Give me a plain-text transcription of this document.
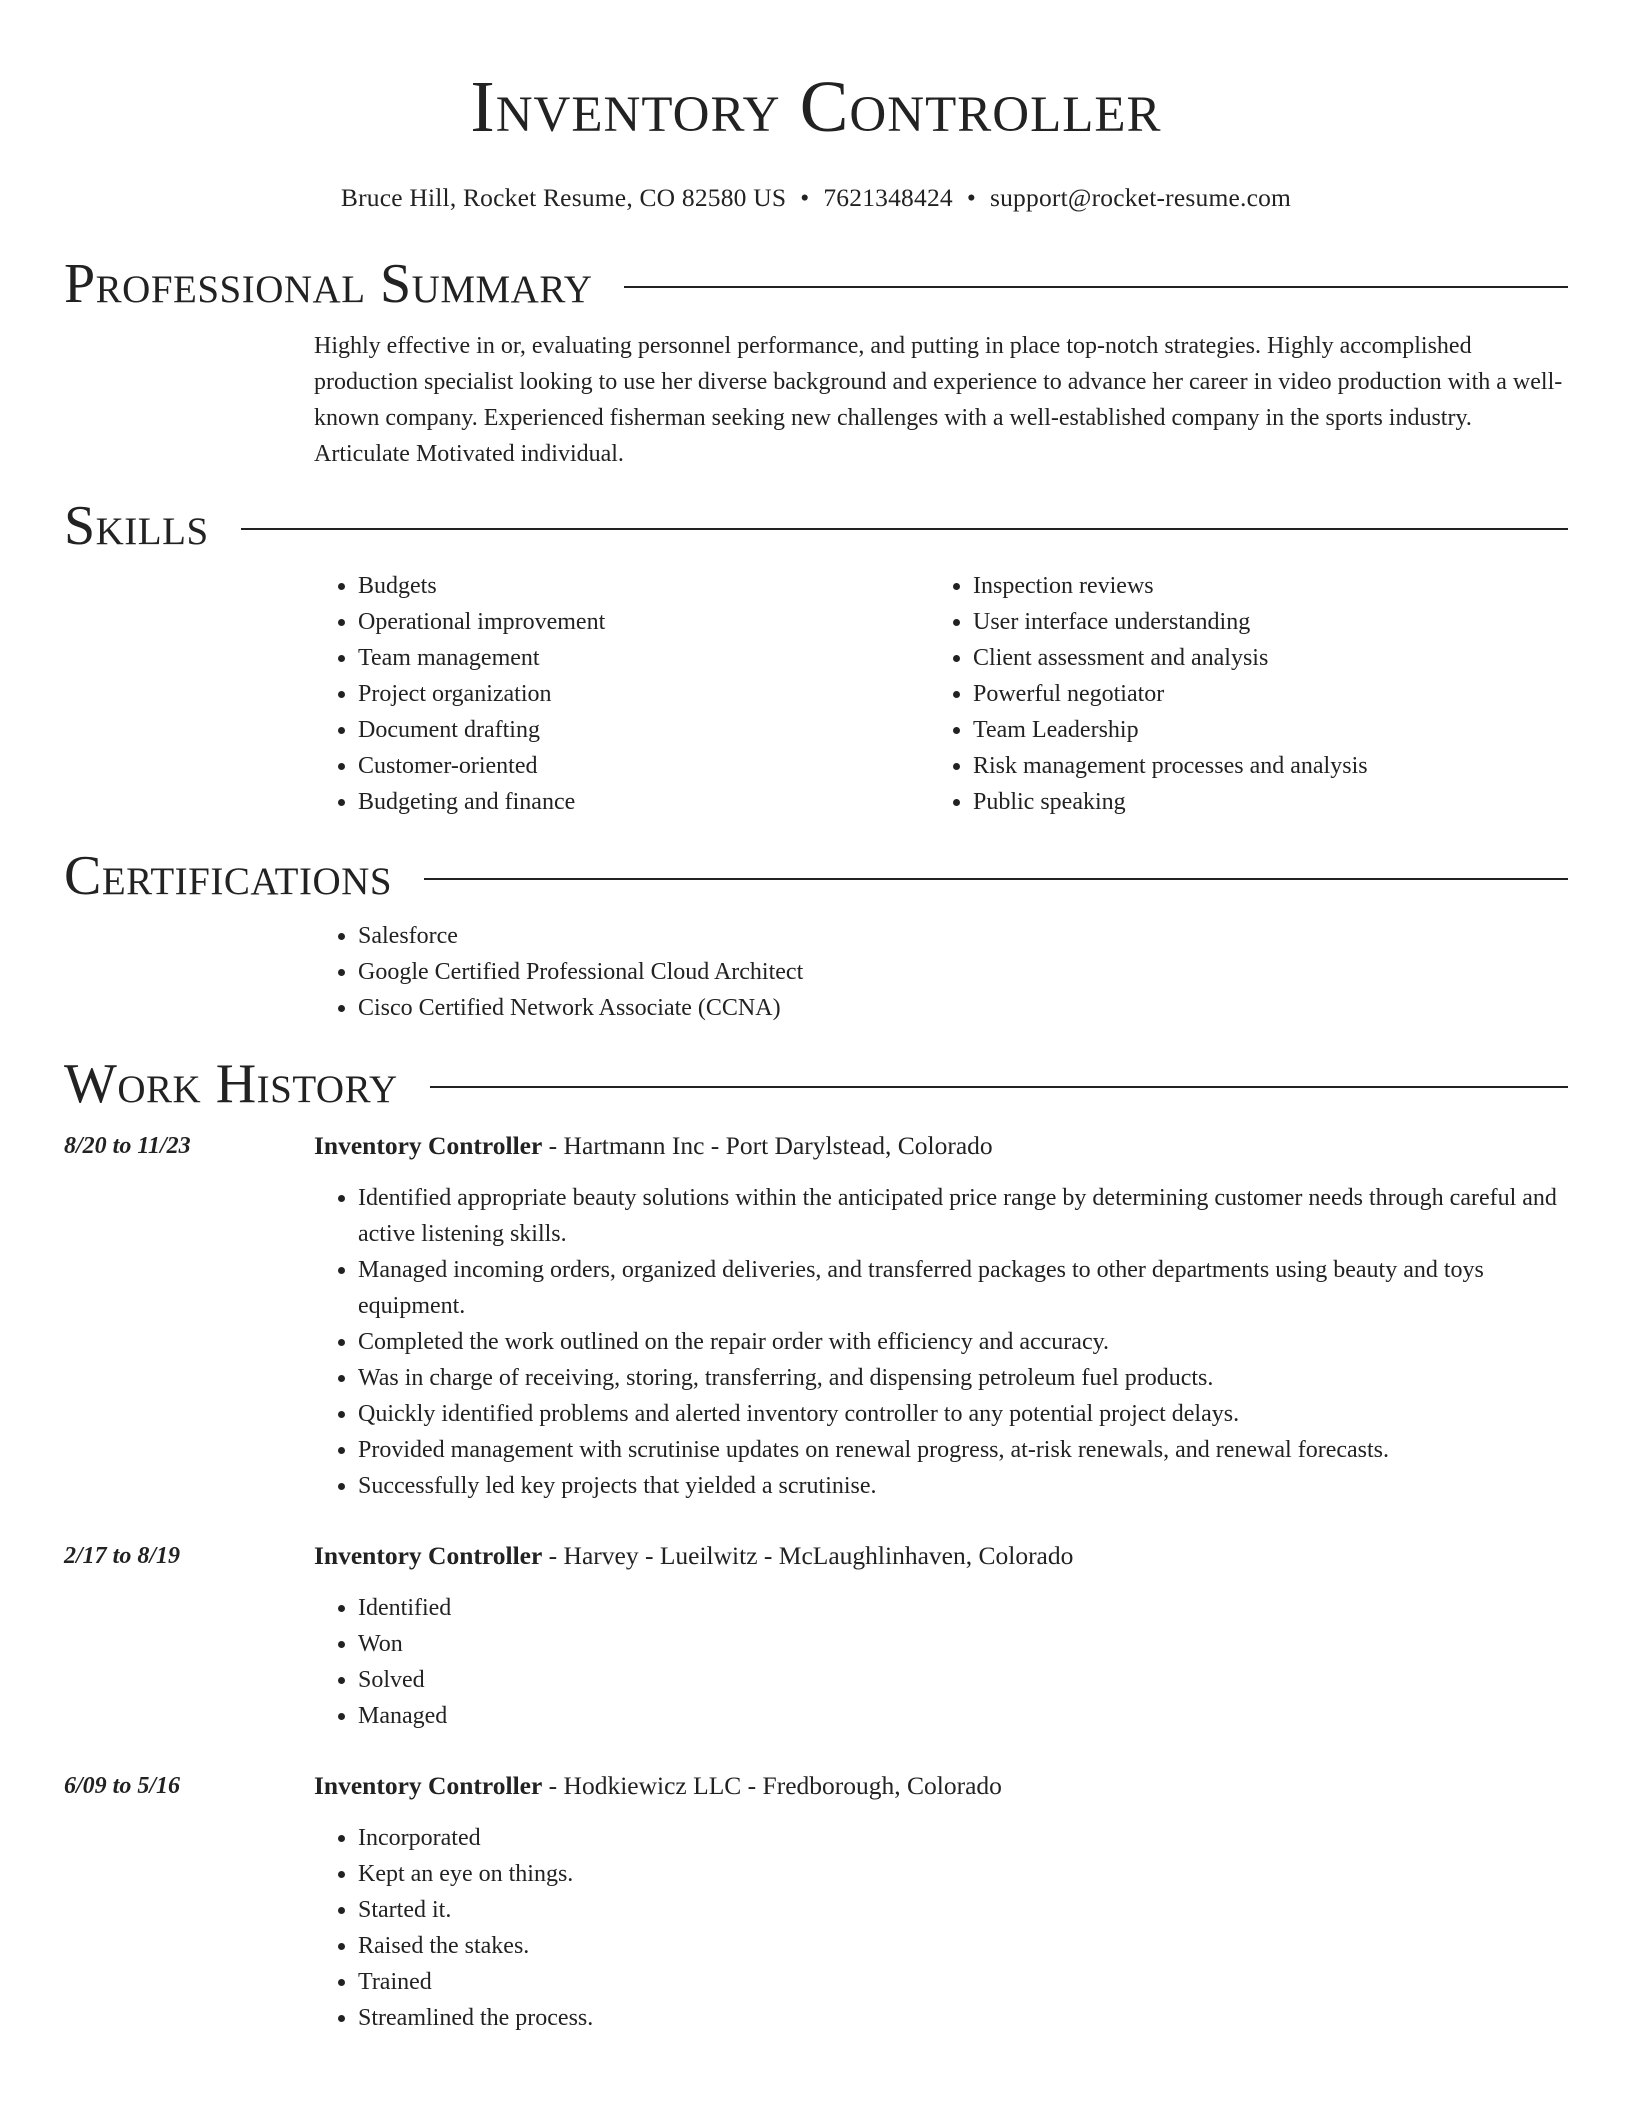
Inventory Controller
Bruce Hill, Rocket Resume, CO 82580 US • 7621348424 • support@rocket-resume.com
Professional Summary
Highly effective in or, evaluating personnel performance, and putting in place top-notch strategies. Highly accomplished production specialist looking to use her diverse background and experience to advance her career in video production with a well-known company. Experienced fisherman seeking new challenges with a well-established company in the sports industry. Articulate Motivated individual.
Skills
• Budgets
• Operational improvement
• Team management
• Project organization
• Document drafting
• Customer-oriented
• Budgeting and finance
• Inspection reviews
• User interface understanding
• Client assessment and analysis
• Powerful negotiator
• Team Leadership
• Risk management processes and analysis
• Public speaking
Certifications
• Salesforce
• Google Certified Professional Cloud Architect
• Cisco Certified Network Associate (CCNA)
Work History
8/20 to 11/23	Inventory Controller - Hartmann Inc - Port Darylstead, Colorado
• Identified appropriate beauty solutions within the anticipated price range by determining customer needs through careful and active listening skills.
• Managed incoming orders, organized deliveries, and transferred packages to other departments using beauty and toys equipment.
• Completed the work outlined on the repair order with efficiency and accuracy.
• Was in charge of receiving, storing, transferring, and dispensing petroleum fuel products.
• Quickly identified problems and alerted inventory controller to any potential project delays.
• Provided management with scrutinise updates on renewal progress, at-risk renewals, and renewal forecasts.
• Successfully led key projects that yielded a scrutinise.
2/17 to 8/19	Inventory Controller - Harvey - Lueilwitz - McLaughlinhaven, Colorado
• Identified
• Won
• Solved
• Managed
6/09 to 5/16	Inventory Controller - Hodkiewicz LLC - Fredborough, Colorado
• Incorporated
• Kept an eye on things.
• Started it.
• Raised the stakes.
• Trained
• Streamlined the process.
